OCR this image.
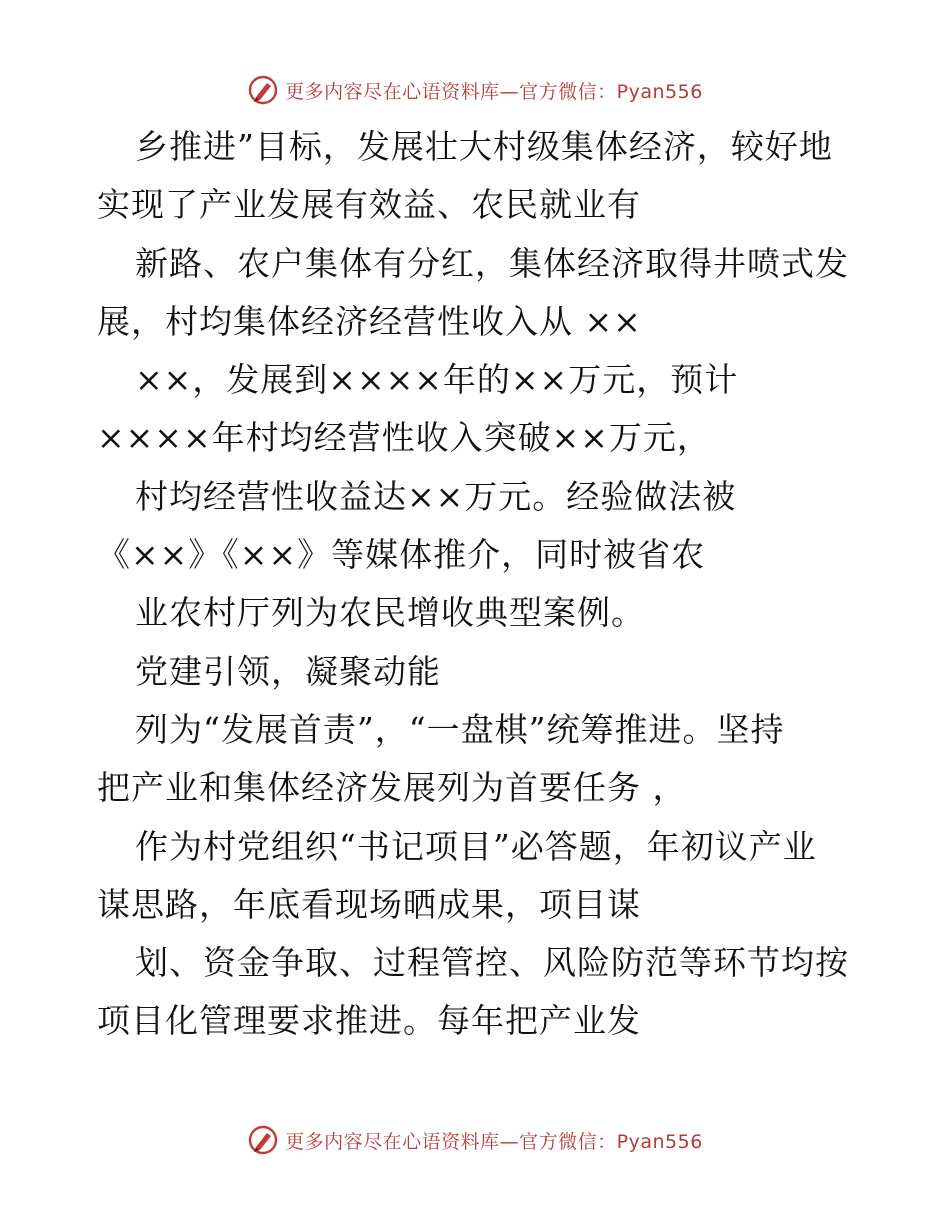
更多内容尽在心语资料库—官方微信：Pyan556
乡推进”目标，发展壮大村级集体经济，较好地
实现了产业发展有效益、农民就业有
新路、农户集体有分红，集体经济取得井喷式发
展，村均集体经济经营性收入从 ××
××，发展到××××年的××万元，预计
××××年村均经营性收入突破××万元，
村均经营性收益达××万元。经验做法被
《××》《××》等媒体推介，同时被省农
业农村厅列为农民增收典型案例。
党建引领，凝聚动能
列为“发展首责”，“一盘棋”统筹推进。坚持
把产业和集体经济发展列为首要任务 ，
作为村党组织“书记项目”必答题，年初议产业
谋思路，年底看现场晒成果，项目谋
划、资金争取、过程管控、风险防范等环节均按
项目化管理要求推进。每年把产业发
更多内容尽在心语资料库—官方微信：Pyan556
